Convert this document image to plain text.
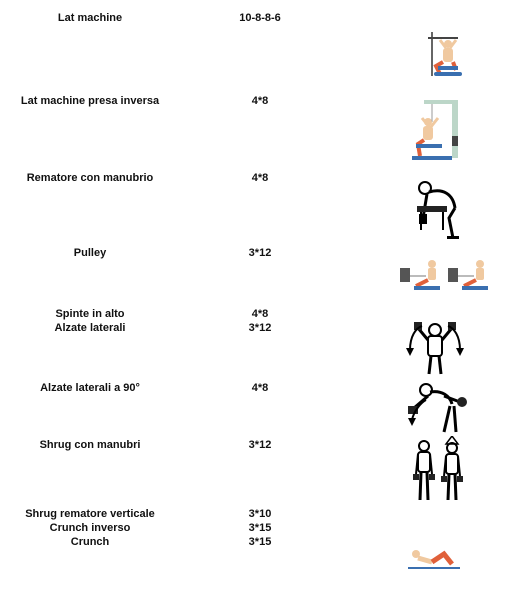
Lat machine	10-8-8-6
Lat machine presa inversa	4*8
Rematore con manubrio	4*8
Pulley	3*12
Spinte in alto	4*8
Alzate laterali	3*12
Alzate laterali a 90°	4*8
Shrug con manubri	3*12
Shrug rematore verticale	3*10
Crunch inverso	3*15
Crunch	3*15
